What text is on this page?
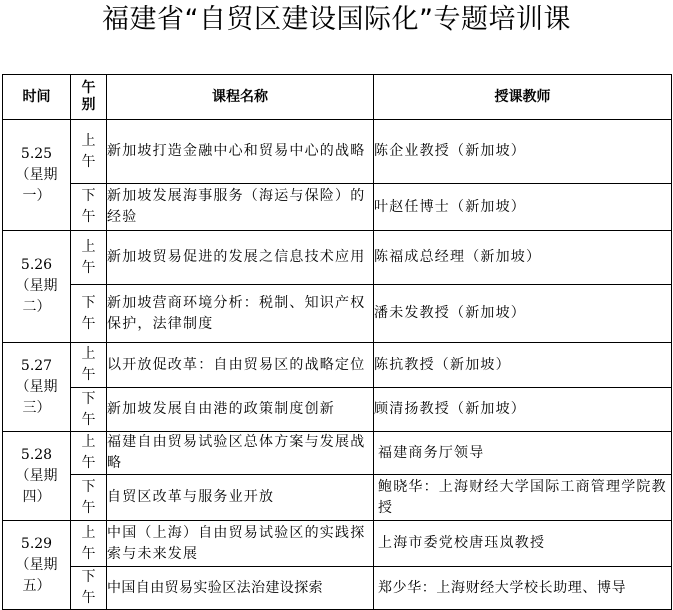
福建省“自贸区建设国际化”专题培训课
时间	午别	课程名称	授课教师
5.25（星期一）	上午	新加坡打造金融中心和贸易中心的战略	陈企业教授（新加坡）
	下午	新加坡发展海事服务（海运与保险）的经验	叶赵任博士（新加坡）
5.26（星期二）	上午	新加坡贸易促进的发展之信息技术应用	陈福成总经理（新加坡）
	下午	新加坡营商环境分析：税制、知识产权保护，法律制度	潘未发教授（新加坡）
5.27（星期三）	上午	以开放促改革：自由贸易区的战略定位	陈抗教授（新加坡）
	下午	新加坡发展自由港的政策制度创新	顾清扬教授（新加坡）
5.28（星期四）	上午	福建自由贸易试验区总体方案与发展战略	福建商务厅领导
	下午	自贸区改革与服务业开放	鲍晓华：上海财经大学国际工商管理学院教授
5.29（星期五）	上午	中国（上海）自由贸易试验区的实践探索与未来发展	上海市委党校唐珏岚教授
	下午	中国自由贸易实验区法治建设探索	郑少华：上海财经大学校长助理、博导
